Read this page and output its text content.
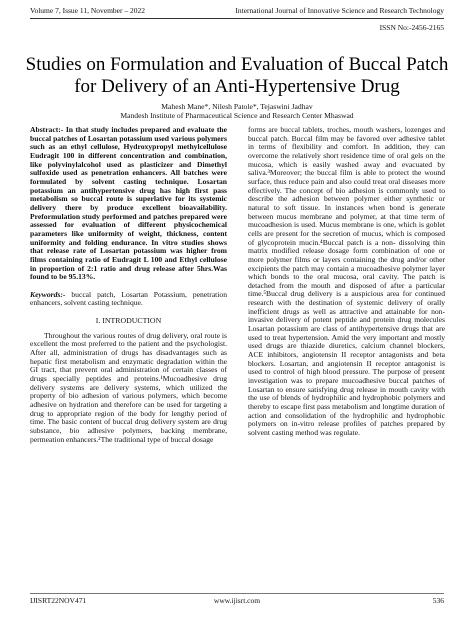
Volume 7, Issue 11, November – 2022	International Journal of Innovative Science and Research Technology
ISSN No:-2456-2165
Studies on Formulation and Evaluation of Buccal Patch for Delivery of an Anti-Hypertensive Drug
Mahesh Mane*, Nilesh Patole*, Tejaswini Jadhav
Mandesh Institute of Pharmaceutical Science and Research Center Mhaswad

Abstract:- In that study includes prepared and evaluate the buccal patches of Losartan potassium used various polymers such as an ethyl cellulose, Hydroxypropyl methylcellulose Eudragit 100 in different concentration and combination, like polyvinylalcohol used as plasticizer and Dimethyl sulfoxide used as penetration enhancers. All batches were formulated by solvent casting technique. Losartan potassium an antihypertensive drug has high first pass metabolism so buccal route is superlative for its systemic delivery there by produce excellent bioavailability. Preformulation study performed and patches prepared were assessed for evaluation of different physicochemical parameters like uniformity of weight, thickness, content uniformity and folding endurance. In vitro studies shows that release rate of Losartan potassium was higher from films containing ratio of Eudragit L 100 and Ethyl cellulose in proportion of 2:1 ratio and drug release after 5hrs.Was found to be 95.13%.

Keywords:- buccal patch, Losartan Potassium, penetration enhancers, solvent casting technique.

I. INTRODUCTION

Throughout the various routes of drug delivery, oral route is excellent the most preferred to the patient and the psychologist. After all, administration of drugs has disadvantages such as hepatic first metabolism and enzymatic degradation within the GI tract, that prevent oral administration of certain classes of drugs specially peptides and proteins.¹Mucoadhesive drug delivery systems are delivery systems, which utilized the property of bio adhesion of various polymers, which become adhesive on hydration and therefore can be used for targeting a drug to appropriate region of the body for lengthy period of time. The basic content of buccal drug delivery system are drug substance, bio adhesive polymers, backing membrane, permeation enhancers.²The traditional type of buccal dosage

forms are buccal tablets, troches, mouth washers, lozenges and buccal patch. Buccal film may be favored over adhesive tablet in terms of flexibility and comfort. In addition, they can overcome the relatively short residence time of oral gels on the mucosa, which is easily washed away and evacuated by saliva.³Moreover; the buccal film is able to protect the wound surface, thus reduce pain and also could treat oral diseases more effectively. The concept of bio adhesion is commonly used to describe the adhesion between polymer either synthetic or natural to soft tissue. In instances when bond is generate between mucus membrane and polymer, at that time term of mucoadhesion is used. Mucus membrane is one, which is goblet cells are present for the secretion of mucus, which is composed of glycoprotein mucin.⁴Buccal patch is a non- dissolving thin matrix modified release dosage form combination of one or more polymer films or layers containing the drug and/or other excipients the patch may contain a mucoadhesive polymer layer which bonds to the oral mucosa, oral cavity. The patch is detached from the mouth and disposed of after a particular time.⁵Buccal drug delivery is a auspicious area for continued research with the destination of systemic delivery of orally inefficient drugs as well as attractive and attainable for non-invasive delivery of potent peptide and protein drug molecules Losartan potassium are class of antihypertensive drugs that are used to treat hypertension. Amid the very important and mostly used drugs are thiazide diuretics, calcium channel blockers, ACE inhibitors, angiotensin II receptor antagonists and beta blockers. Losartan, and angiotensin II receptor antagonist is used to control of high blood pressure. The purpose of present investigation was to prepare mucoadhesive buccal patches of Losartan to ensure satisfying drug release in mouth cavity with the use of blends of hydrophilic and hydrophobic polymers and thereby to escape first pass metabolism and longtime duration of action and consolidation of the hydrophilic and hydrophobic polymers on in-vitro release profiles of patches prepared by solvent casting method was regulate.

IJISRT22NOV471	www.ijisrt.com	536
